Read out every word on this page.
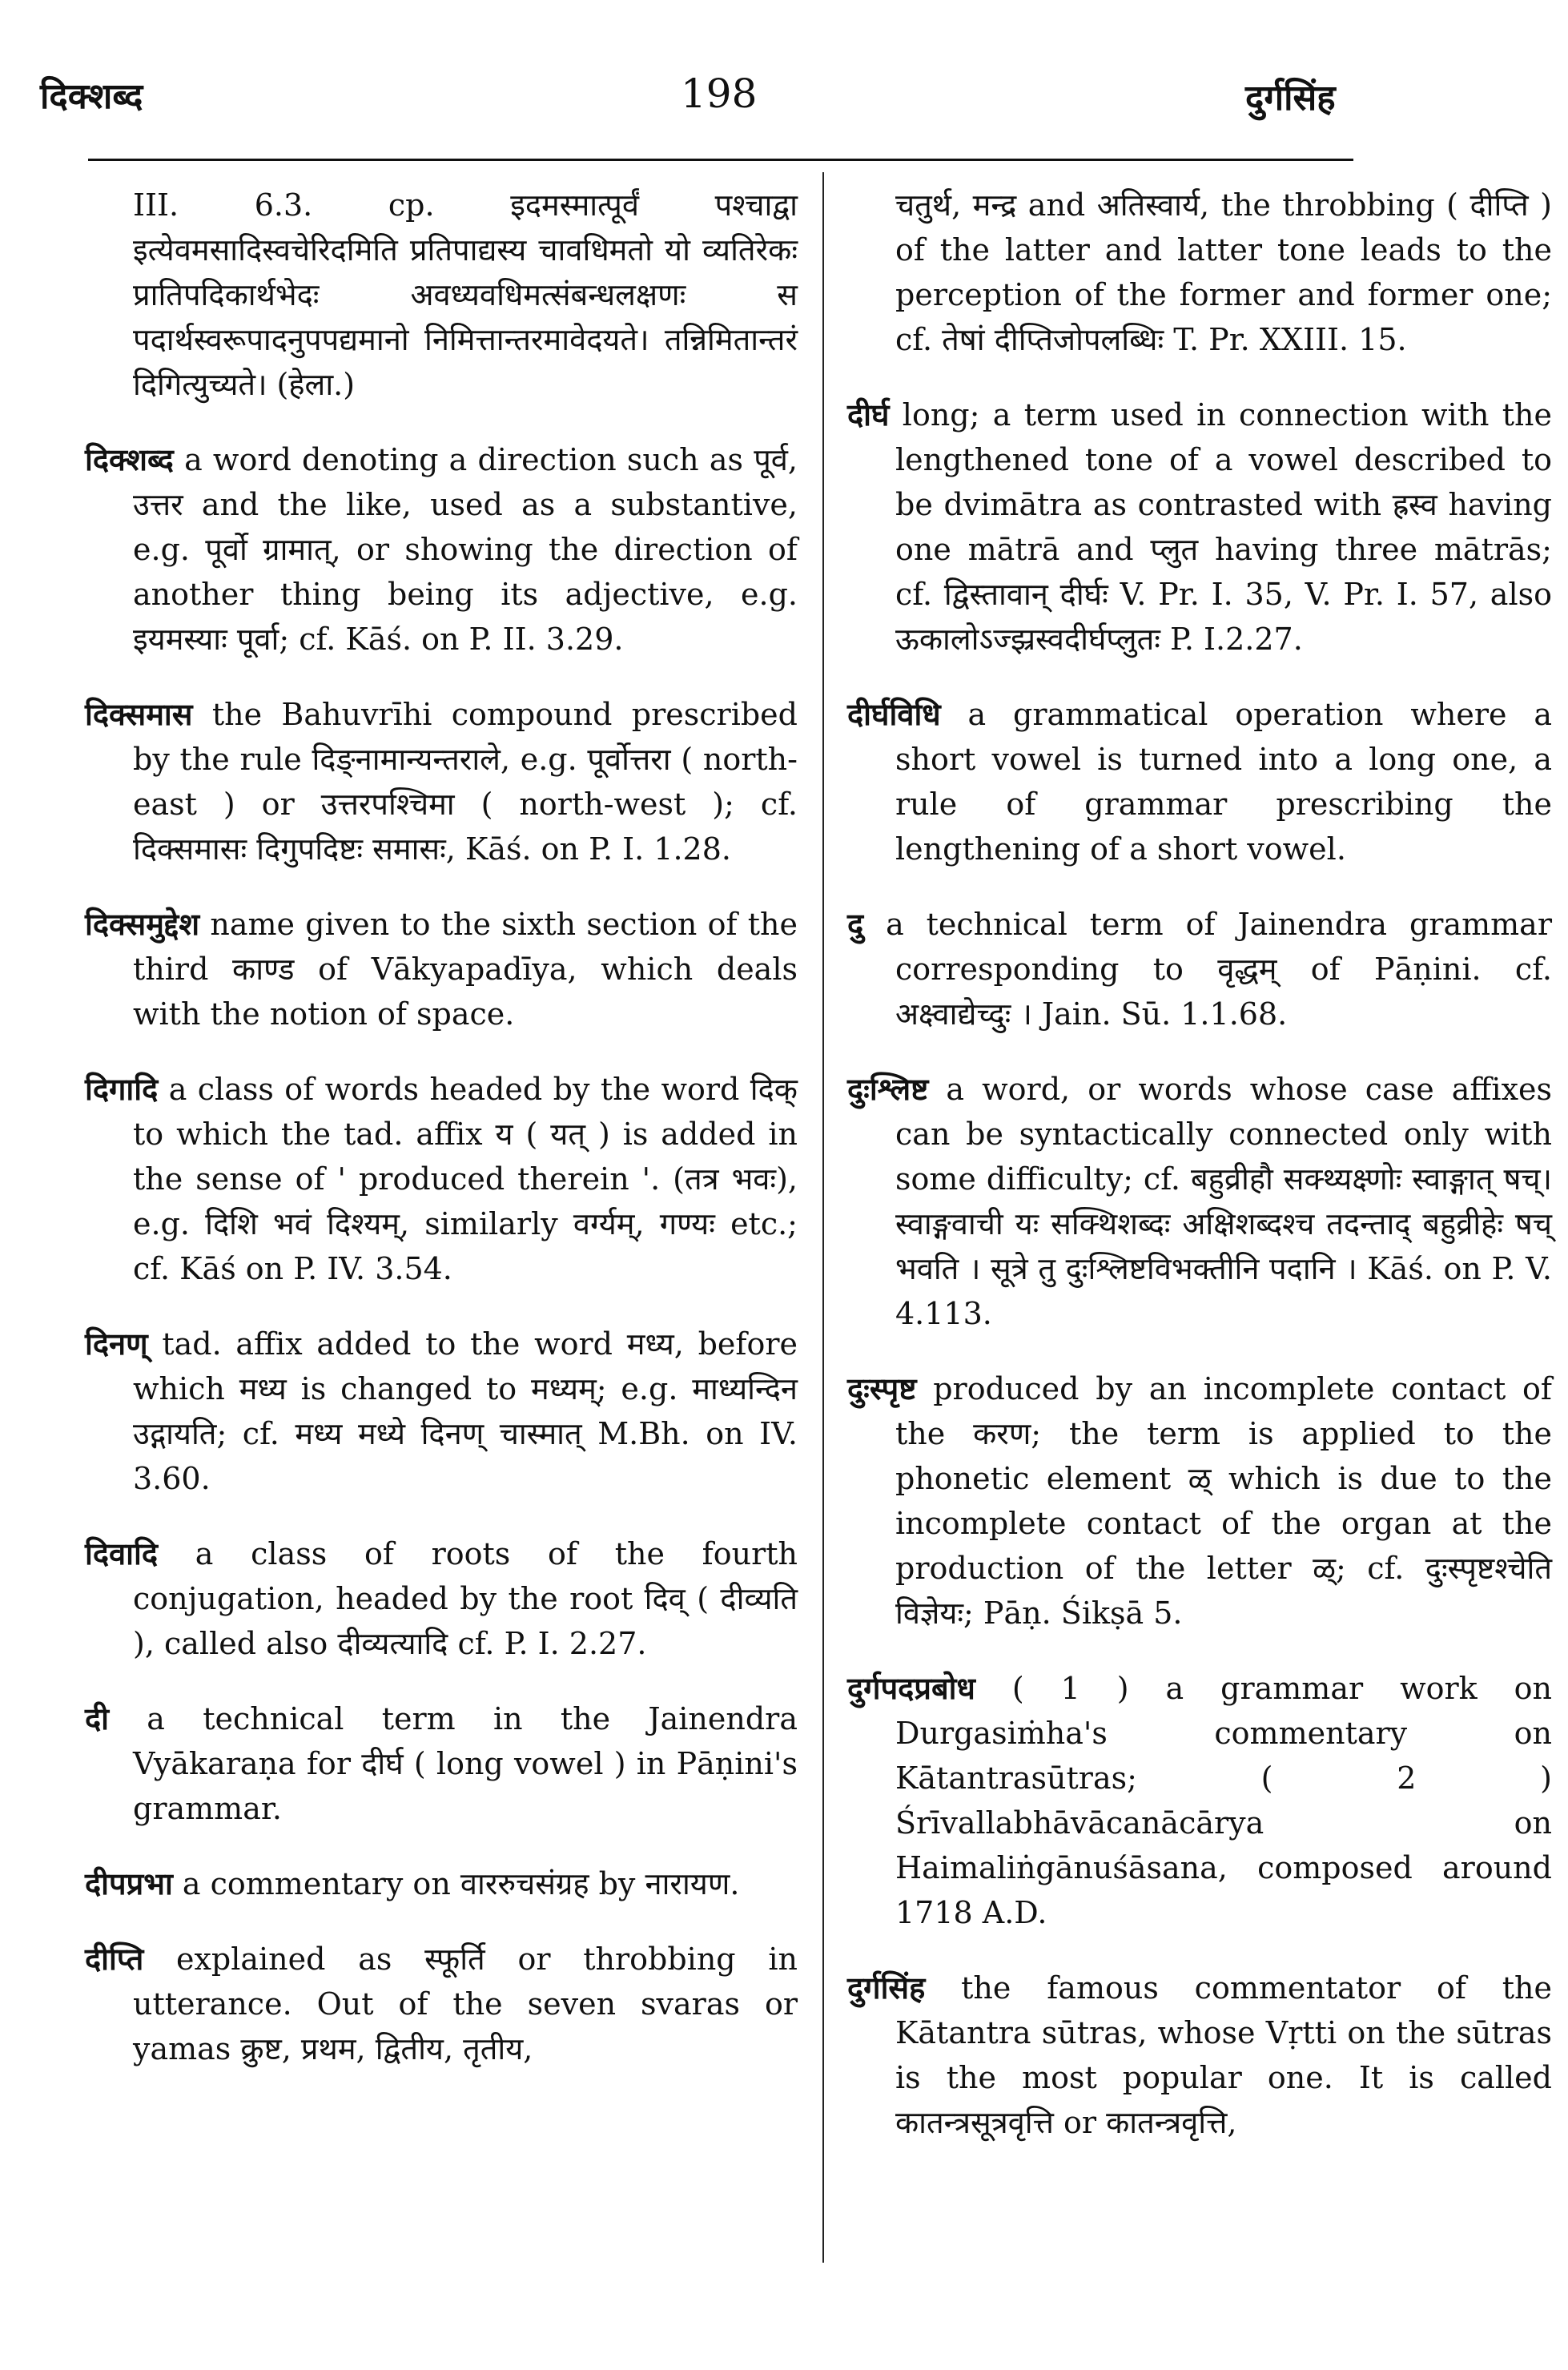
दिक्शब्द	198	दुर्गसिंह

III. 6.3. cp. इदमस्मात्पूर्वं पश्चाद्वा इत्येवमसादिस्वचेरिदमिति प्रतिपाद्यस्य चावधिमतो यो व्यतिरेकः प्रातिपदिकार्थभेदः अवध्यवधिमत्संबन्धलक्षणः स पदार्थस्वरूपादनुपपद्यमानो निमित्तान्तरमावेदयते। तन्निमितान्तरं दिगित्युच्यते। (हेला.)

दिक्शब्द a word denoting a direction such as पूर्व, उत्तर and the like, used as a substantive, e.g. पूर्वो ग्रामात्, or showing the direction of another thing being its adjective, e.g. इयमस्याः पूर्वा; cf. Kāś. on P. II. 3.29.

दिक्समास the Bahuvrīhi compound prescribed by the rule दिङ्नामान्यन्तराले, e.g. पूर्वोत्तरा ( north-east ) or उत्तरपश्चिमा ( north-west ); cf. दिक्समासः दिगुपदिष्टः समासः, Kāś. on P. I. 1.28.

दिक्समुद्देश name given to the sixth section of the third काण्ड of Vākyapadīya, which deals with the notion of space.

दिगादि a class of words headed by the word दिक् to which the tad. affix य ( यत् ) is added in the sense of ' produced therein '. (तत्र भवः), e.g. दिशि भवं दिश्यम्, similarly वर्ग्यम्, गण्यः etc.; cf. Kāś on P. IV. 3.54.

दिनण् tad. affix added to the word मध्य, before which मध्य is changed to मध्यम्; e.g. माध्यन्दिन उद्गायति; cf. मध्य मध्ये दिनण् चास्मात् M.Bh. on IV. 3.60.

दिवादि a class of roots of the fourth conjugation, headed by the root दिव् ( दीव्यति ), called also दीव्यत्यादि cf. P. I. 2.27.

दी a technical term in the Jainendra Vyākaraṇa for दीर्घ ( long vowel ) in Pāṇini's grammar.

दीपप्रभा a commentary on वाररुचसंग्रह by नारायण.

दीप्ति explained as स्फूर्ति or throbbing in utterance. Out of the seven svaras or yamas क्रुष्ट, प्रथम, द्वितीय, तृतीय,

चतुर्थ, मन्द्र and अतिस्वार्य, the throbbing ( दीप्ति ) of the latter and latter tone leads to the perception of the former and former one; cf. तेषां दीप्तिजोपलब्धिः T. Pr. XXIII. 15.

दीर्घ long; a term used in connection with the lengthened tone of a vowel described to be dvimātra as contrasted with ह्रस्व having one mātrā and प्लुत having three mātrās; cf. द्विस्तावान् दीर्घः V. Pr. I. 35, V. Pr. I. 57, also ऊकालोऽज्झ्रस्वदीर्घप्लुतः P. I.2.27.

दीर्घविधि a grammatical operation where a short vowel is turned into a long one, a rule of grammar prescribing the lengthening of a short vowel.

दु a technical term of Jainendra grammar corresponding to वृद्धम् of Pāṇini. cf. अक्ष्वाद्येच्दुः । Jain. Sū. 1.1.68.

दुःश्लिष्ट a word, or words whose case affixes can be syntactically connected only with some difficulty; cf. बहुव्रीहौ सक्थ्यक्ष्णोः स्वाङ्गात् षच्। स्वाङ्गवाची यः सक्थिशब्दः अक्षिशब्दश्च तदन्ताद् बहुव्रीहेः षच् भवति । सूत्रे तु दुःश्लिष्टविभक्तीनि पदानि । Kāś. on P. V. 4.113.

दुःस्पृष्ट produced by an incomplete contact of the करण; the term is applied to the phonetic element ळ् which is due to the incomplete contact of the organ at the production of the letter ळ्; cf. दुःस्पृष्टश्चेति विज्ञेयः; Pāṇ. Śikṣā 5.

दुर्गपदप्रबोध ( 1 ) a grammar work on Durgasiṁha's commentary on Kātantrasūtras; ( 2 ) Śrīvallabhāvācanācārya on Haimaliṅgānuśāsana, composed around 1718 A.D.

दुर्गसिंह the famous commentator of the Kātantra sūtras, whose Vṛtti on the sūtras is the most popular one. It is called कातन्त्रसूत्रवृत्ति or कातन्त्रवृत्ति,
